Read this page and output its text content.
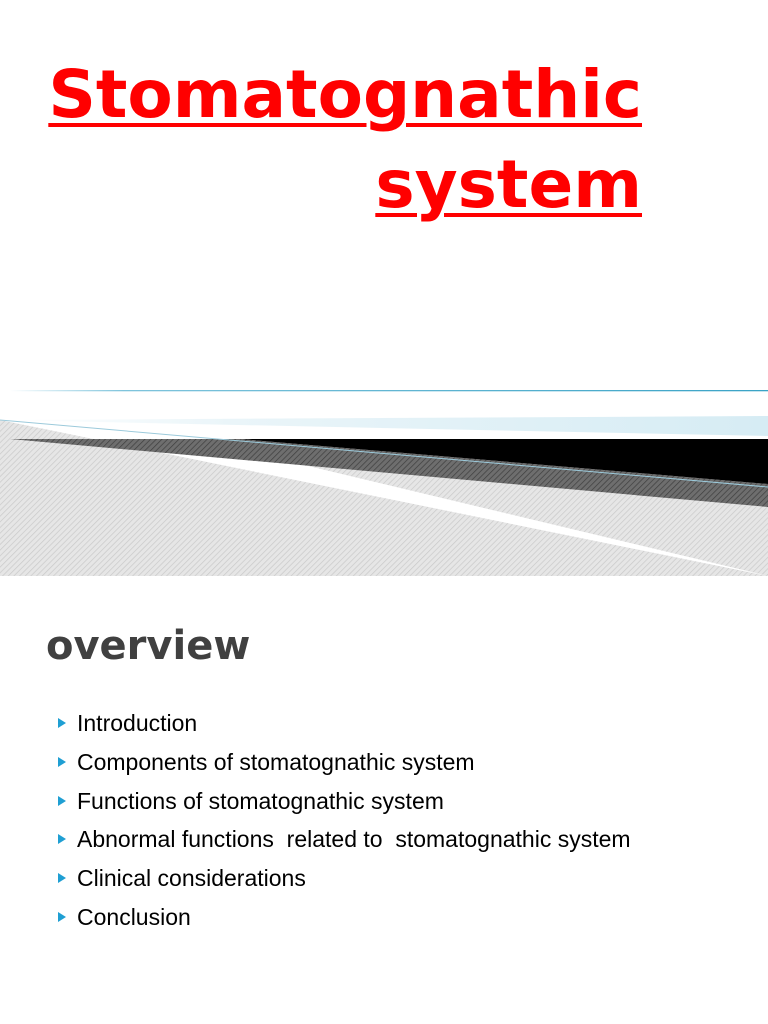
Stomatognathic
system
overview
Introduction
Components of stomatognathic system
Functions of stomatognathic system
Abnormal functions  related to  stomatognathic system
Clinical considerations
Conclusion
